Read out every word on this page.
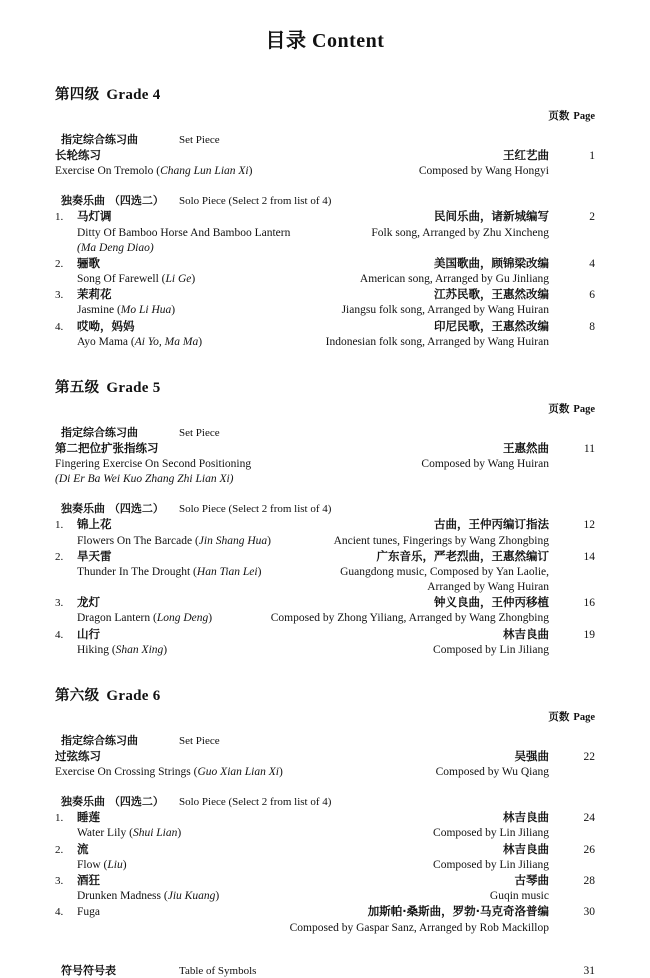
目录 Content
第四级 Grade 4
页数 Page
指定综合练习曲	Set Piece
长轮练习	王红艺曲	1
Exercise On Tremolo (Chang Lun Lian Xi)	Composed by Wang Hongyi
独奏乐曲 （四选二） Solo Piece (Select 2 from list of 4)
1.	马灯调	民间乐曲，诸新城编写	2
Ditty Of Bamboo Horse And Bamboo Lantern	Folk song, Arranged by Zhu Xincheng
(Ma Deng Diao)
2.	骊歌	美国歌曲，顾锦梁改编	4
Song Of Farewell (Li Ge)	American song, Arranged by Gu Jinliang
3.	茉莉花	江苏民歌，王惠然改编	6
Jasmine (Mo Li Hua)	Jiangsu folk song, Arranged by Wang Huiran
4.	哎呦，妈妈	印尼民歌，王惠然改编	8
Ayo Mama (Ai Yo, Ma Ma)	Indonesian folk song, Arranged by Wang Huiran
第五级 Grade 5
页数 Page
指定综合练习曲	Set Piece
第二把位扩张指练习	王惠然曲	11
Fingering Exercise On Second Positioning	Composed by Wang Huiran
(Di Er Ba Wei Kuo Zhang Zhi Lian Xi)
独奏乐曲 （四选二） Solo Piece (Select 2 from list of 4)
1.	锦上花	古曲，王仲丙编订指法	12
Flowers On The Barcade (Jin Shang Hua)	Ancient tunes, Fingerings by Wang Zhongbing
2.	旱天雷	广东音乐，严老烈曲，王惠然编订	14
Thunder In The Drought (Han Tian Lei)	Guangdong music, Composed by Yan Laolie,
Arranged by Wang Huiran
3.	龙灯	钟义良曲，王仲丙移植	16
Dragon Lantern (Long Deng)	Composed by Zhong Yiliang, Arranged by Wang Zhongbing
4.	山行	林吉良曲	19
Hiking (Shan Xing)	Composed by Lin Jiliang
第六级 Grade 6
页数 Page
指定综合练习曲	Set Piece
过弦练习	吴强曲	22
Exercise On Crossing Strings (Guo Xian Lian Xi)	Composed by Wu Qiang
独奏乐曲 （四选二） Solo Piece (Select 2 from list of 4)
1.	睡莲	林吉良曲	24
Water Lily (Shui Lian)	Composed by Lin Jiliang
2.	流	林吉良曲	26
Flow (Liu)	Composed by Lin Jiliang
3.	酒狂	古琴曲	28
Drunken Madness (Jiu Kuang)	Guqin music
4.	Fuga	加斯帕·桑斯曲，罗勃·马克奇洛普编	30
Composed by Gaspar Sanz, Arranged by Rob Mackillop
符号符号表	Table of Symbols	31
